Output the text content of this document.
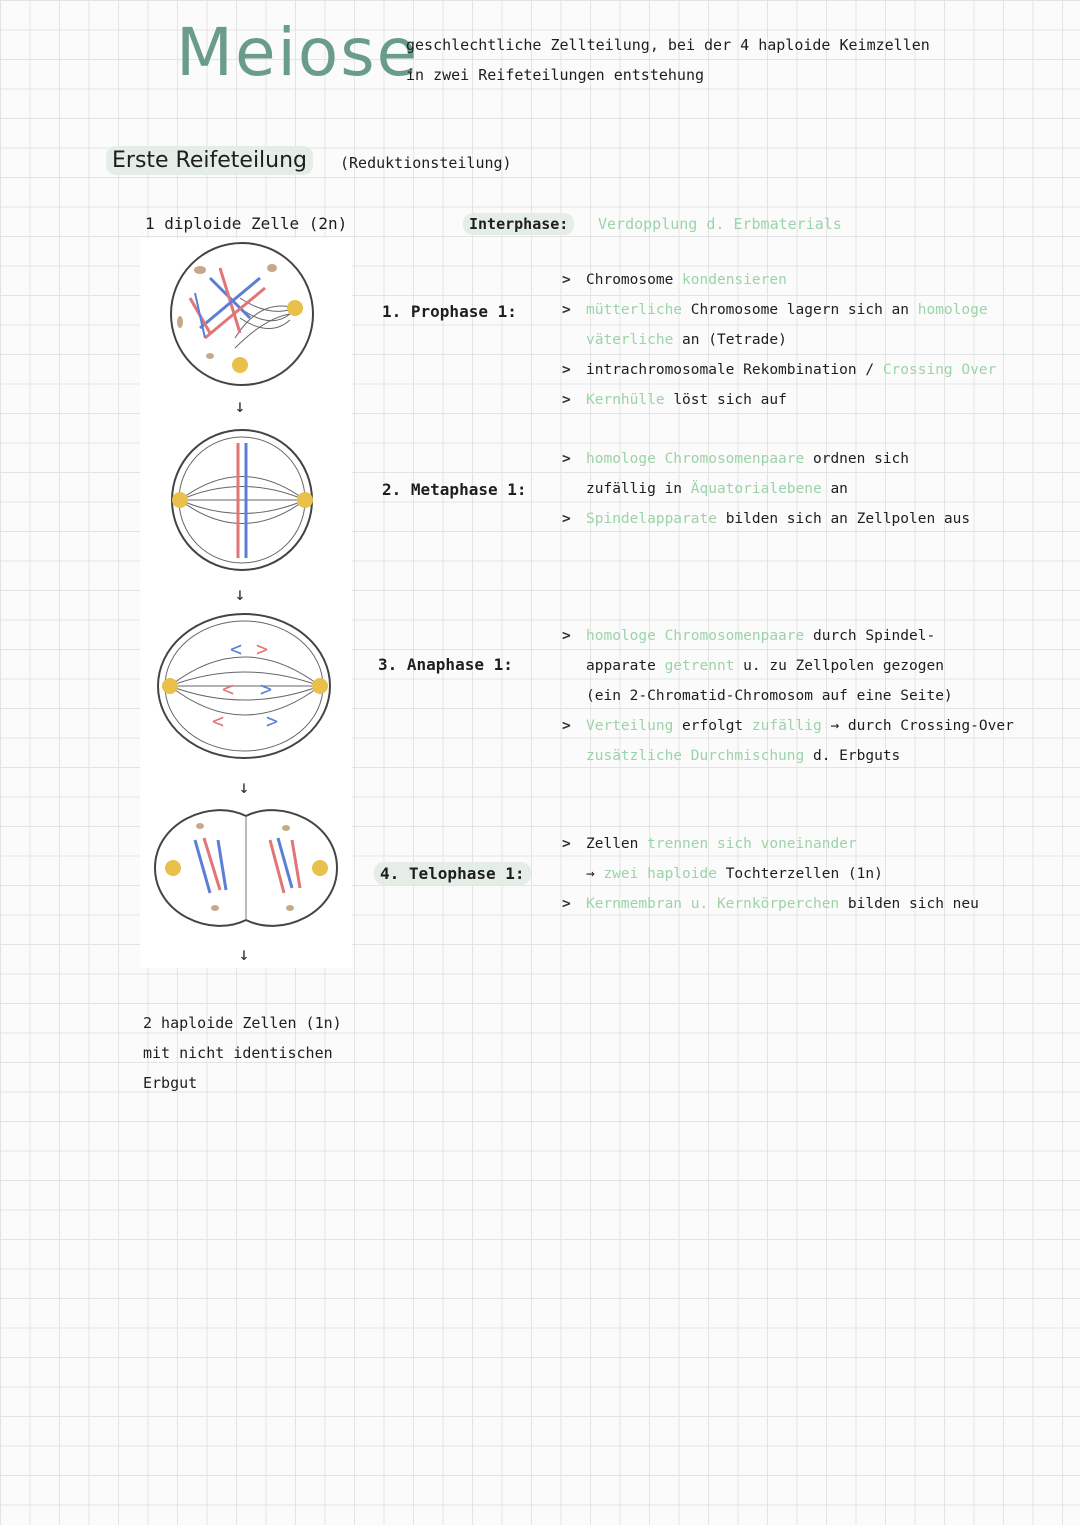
Meiose
geschlechtliche Zellteilung, bei der 4 haploide Keimzellen
in zwei Reifeteilungen entstehung
Erste Reifeteilung	(Reduktionsteilung)
1 diploide Zelle (2n)	Interphase:	Verdopplung d. Erbmaterials
↓
↓
< >
< >
< >
↓
↓
1. Prophase 1:
2. Metaphase 1:
3. Anaphase 1:
4. Telophase 1:
> Chromosome kondensieren
> mütterliche Chromosome lagern sich an homologe
väterliche an (Tetrade)
> intrachromosomale Rekombination / Crossing Over
> Kernhülle löst sich auf
> homologe Chromosomenpaare ordnen sich
zufällig in Äquatorialebene an
> Spindelapparate bilden sich an Zellpolen aus
> homologe Chromosomenpaare durch Spindel-
apparate getrennt u. zu Zellpolen gezogen
(ein 2-Chromatid-Chromosom auf eine Seite)
> Verteilung erfolgt zufällig → durch Crossing-Over
zusätzliche Durchmischung d. Erbguts
> Zellen trennen sich voneinander
→ zwei haploide Tochterzellen (1n)
> Kernmembran u. Kernkörperchen bilden sich neu
2 haploide Zellen (1n)
mit nicht identischen
Erbgut
